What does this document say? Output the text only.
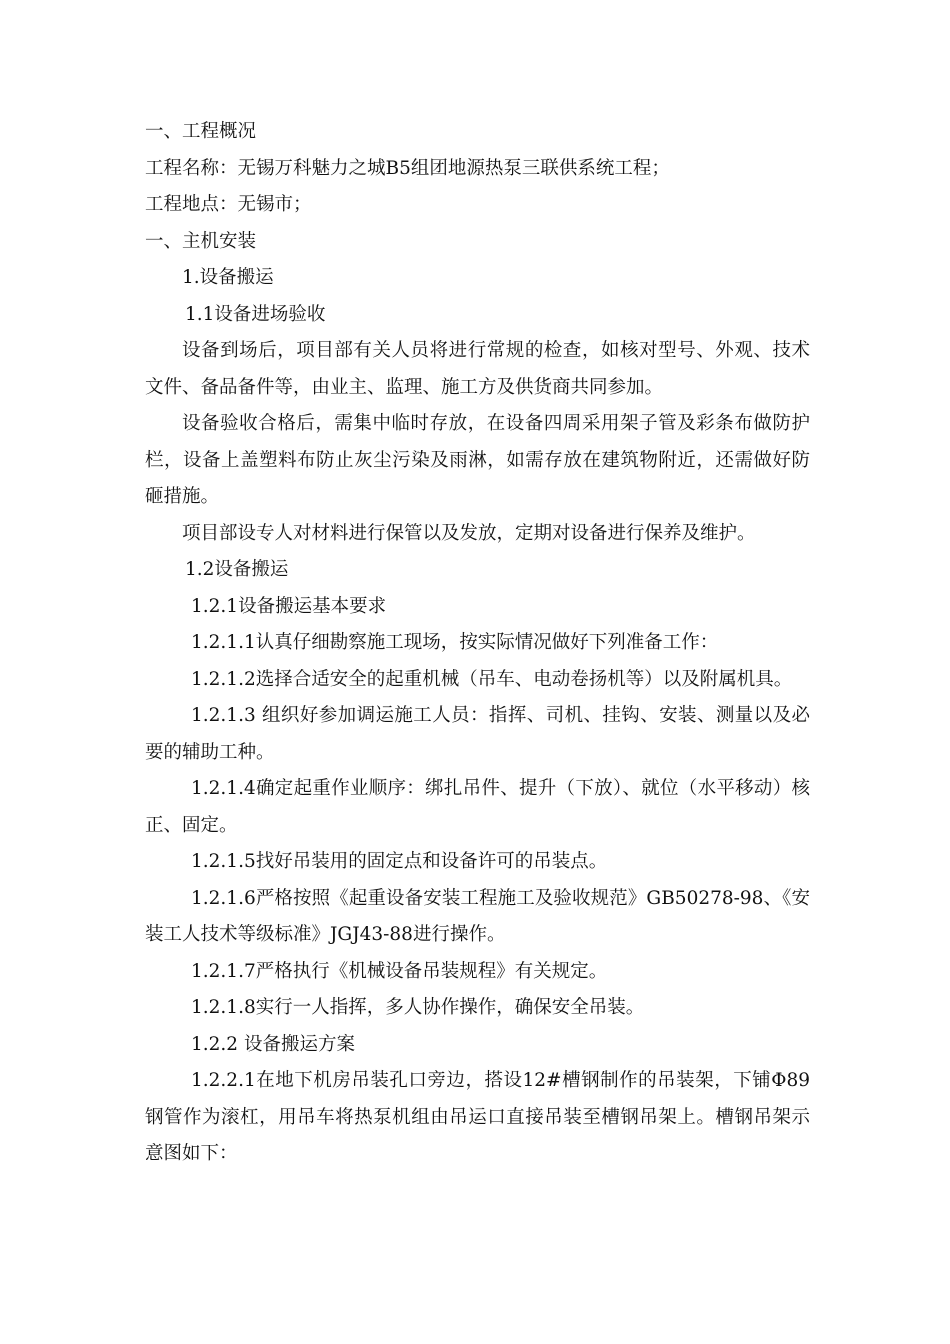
一、工程概况

工程名称：无锡万科魅力之城B5组团地源热泵三联供系统工程；

工程地点：无锡市；

一、主机安装

1.设备搬运

1.1设备进场验收

设备到场后，项目部有关人员将进行常规的检查，如核对型号、外观、技术文件、备品备件等，由业主、监理、施工方及供货商共同参加。

设备验收合格后，需集中临时存放，在设备四周采用架子管及彩条布做防护栏，设备上盖塑料布防止灰尘污染及雨淋，如需存放在建筑物附近，还需做好防砸措施。

项目部设专人对材料进行保管以及发放，定期对设备进行保养及维护。

1.2设备搬运

1.2.1设备搬运基本要求

1.2.1.1认真仔细勘察施工现场，按实际情况做好下列准备工作：

1.2.1.2选择合适安全的起重机械（吊车、电动卷扬机等）以及附属机具。

1.2.1.3 组织好参加调运施工人员：指挥、司机、挂钩、安装、测量以及必要的辅助工种。

1.2.1.4确定起重作业顺序：绑扎吊件、提升（下放）、就位（水平移动）核正、固定。

1.2.1.5找好吊装用的固定点和设备许可的吊装点。

1.2.1.6严格按照《起重设备安装工程施工及验收规范》GB50278-98、《安装工人技术等级标准》JGJ43-88进行操作。

1.2.1.7严格执行《机械设备吊装规程》有关规定。

1.2.1.8实行一人指挥，多人协作操作，确保安全吊装。

1.2.2 设备搬运方案

1.2.2.1在地下机房吊装孔口旁边，搭设12#槽钢制作的吊装架，下铺Φ89钢管作为滚杠，用吊车将热泵机组由吊运口直接吊装至槽钢吊架上。槽钢吊架示意图如下：
